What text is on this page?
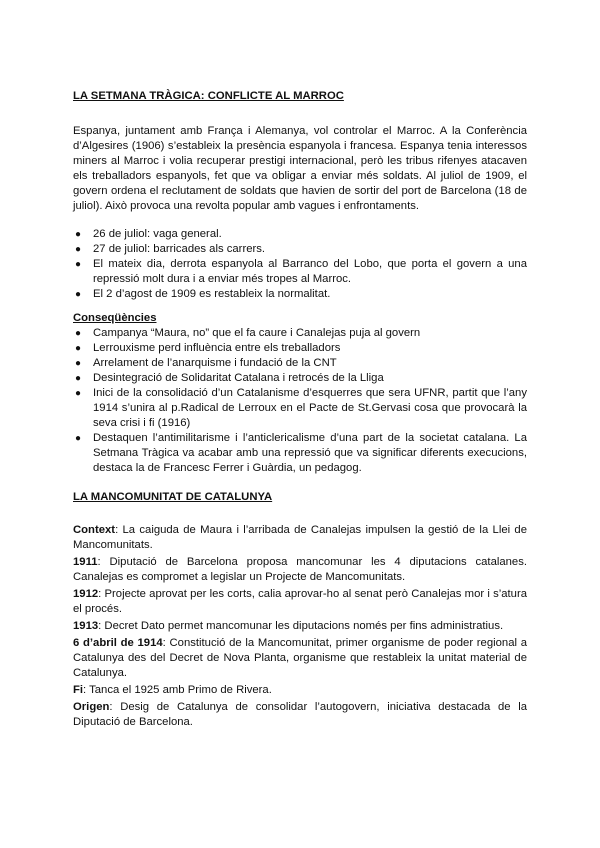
LA SETMANA TRÀGICA: CONFLICTE AL MARROC

Espanya, juntament amb França i Alemanya, vol controlar el Marroc. A la Conferència d’Algesires (1906) s’estableix la presència espanyola i francesa. Espanya tenia interessos miners al Marroc i volia recuperar prestigi internacional, però les tribus rifenyes atacaven els treballadors espanyols, fet que va obligar a enviar més soldats. Al juliol de 1909, el govern ordena el reclutament de soldats que havien de sortir del port de Barcelona (18 de juliol). Això provoca una revolta popular amb vagues i enfrontaments.

● 26 de juliol: vaga general.
● 27 de juliol: barricades als carrers.
● El mateix dia, derrota espanyola al Barranco del Lobo, que porta el govern a una repressió molt dura i a enviar més tropes al Marroc.
● El 2 d’agost de 1909 es restableix la normalitat.

Conseqüències

● Campanya “Maura, no” que el fa caure i Canalejas puja al govern
● Lerrouxisme perd influència entre els treballadors
● Arrelament de l’anarquisme i fundació de la CNT
● Desintegració de Solidaritat Catalana i retrocés de la Lliga
● Inici de la consolidació d’un Catalanisme d’esquerres que sera UFNR, partit que l’any 1914 s’unira al p.Radical de Lerroux en el Pacte de St.Gervasi cosa que provocarà la seva crisi i fi (1916)
● Destaquen l’antimilitarisme i l’anticlericalisme d’una part de la societat catalana. La Setmana Tràgica va acabar amb una repressió que va significar diferents execucions, destaca la de Francesc Ferrer i Guàrdia, un pedagog.
LA MANCOMUNITAT DE CATALUNYA

Context: La caiguda de Maura i l’arribada de Canalejas impulsen la gestió de la Llei de Mancomunitats.

1911: Diputació de Barcelona proposa mancomunar les 4 diputacions catalanes. Canalejas es compromet a legislar un Projecte de Mancomunitats.

1912: Projecte aprovat per les corts, calia aprovar-ho al senat però Canalejas mor i s’atura el procés.

1913: Decret Dato permet mancomunar les diputacions només per fins administratius.

6 d’abril de 1914: Constitució de la Mancomunitat, primer organisme de poder regional a Catalunya des del Decret de Nova Planta, organisme que restableix la unitat material de Catalunya.

Fi: Tanca el 1925 amb Primo de Rivera.

Origen: Desig de Catalunya de consolidar l’autogovern, iniciativa destacada de la Diputació de Barcelona.
